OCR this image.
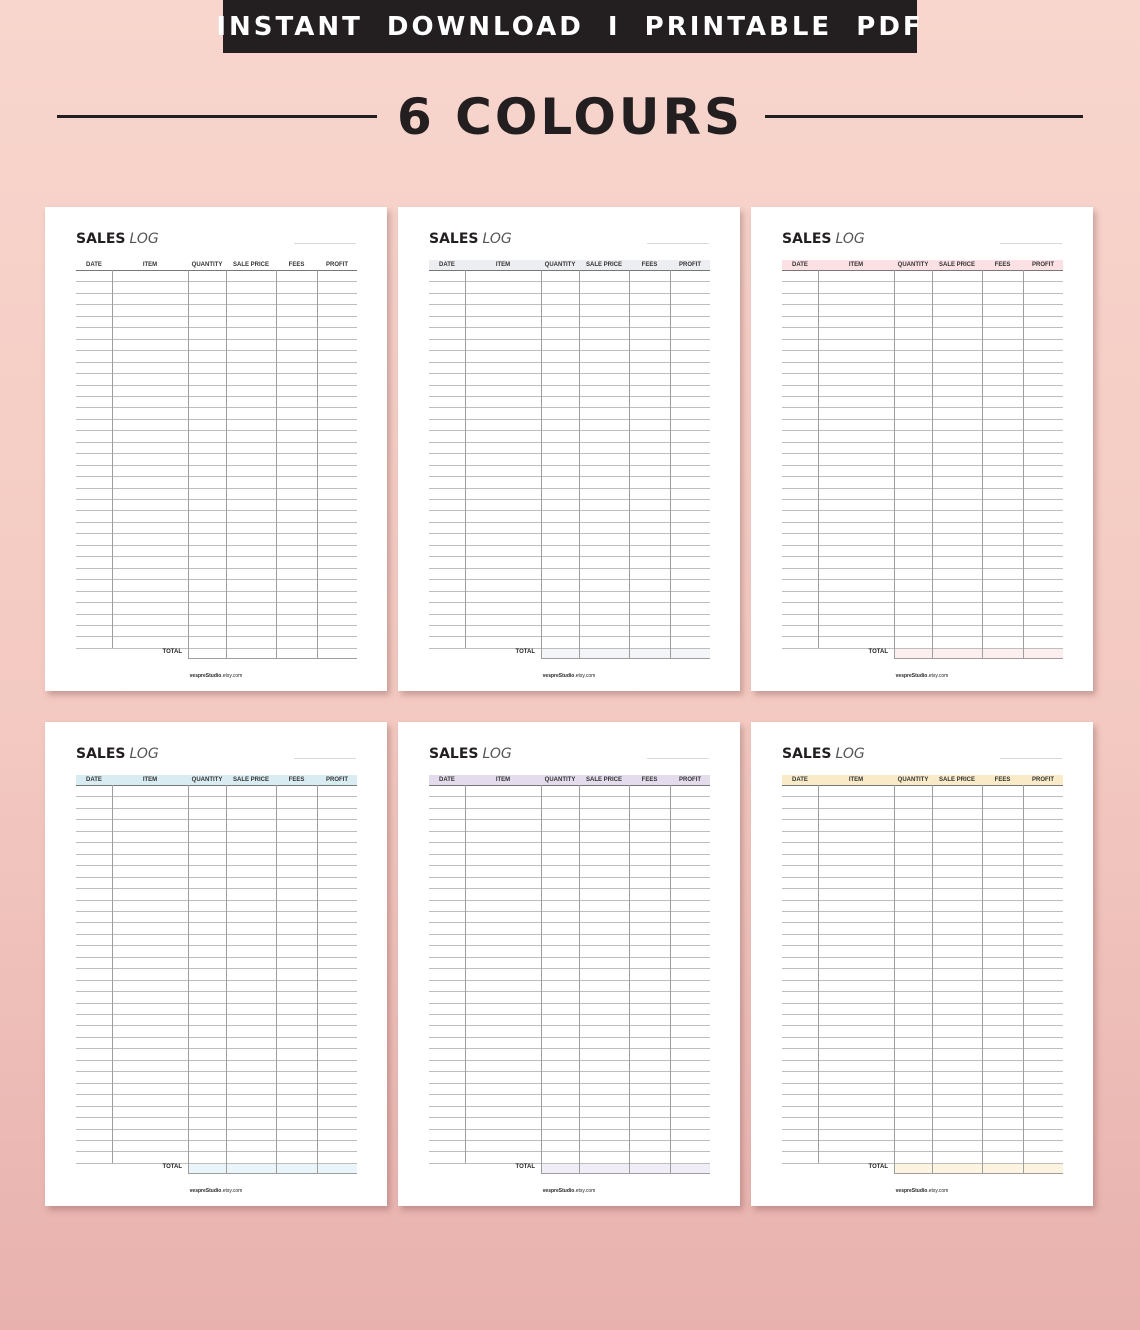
INSTANT  DOWNLOAD  I  PRINTABLE  PDF
6 COLOURS
SALES LOG
DATE	ITEM	QUANTITY	SALE PRICE	FEES	PROFIT
TOTAL
vespreStudio.etsy.com
SALES LOG
DATE	ITEM	QUANTITY	SALE PRICE	FEES	PROFIT
TOTAL
vespreStudio.etsy.com
SALES LOG
DATE	ITEM	QUANTITY	SALE PRICE	FEES	PROFIT
TOTAL
vespreStudio.etsy.com
SALES LOG
DATE	ITEM	QUANTITY	SALE PRICE	FEES	PROFIT
TOTAL
vespreStudio.etsy.com
SALES LOG
DATE	ITEM	QUANTITY	SALE PRICE	FEES	PROFIT
TOTAL
vespreStudio.etsy.com
SALES LOG
DATE	ITEM	QUANTITY	SALE PRICE	FEES	PROFIT
TOTAL
vespreStudio.etsy.com
